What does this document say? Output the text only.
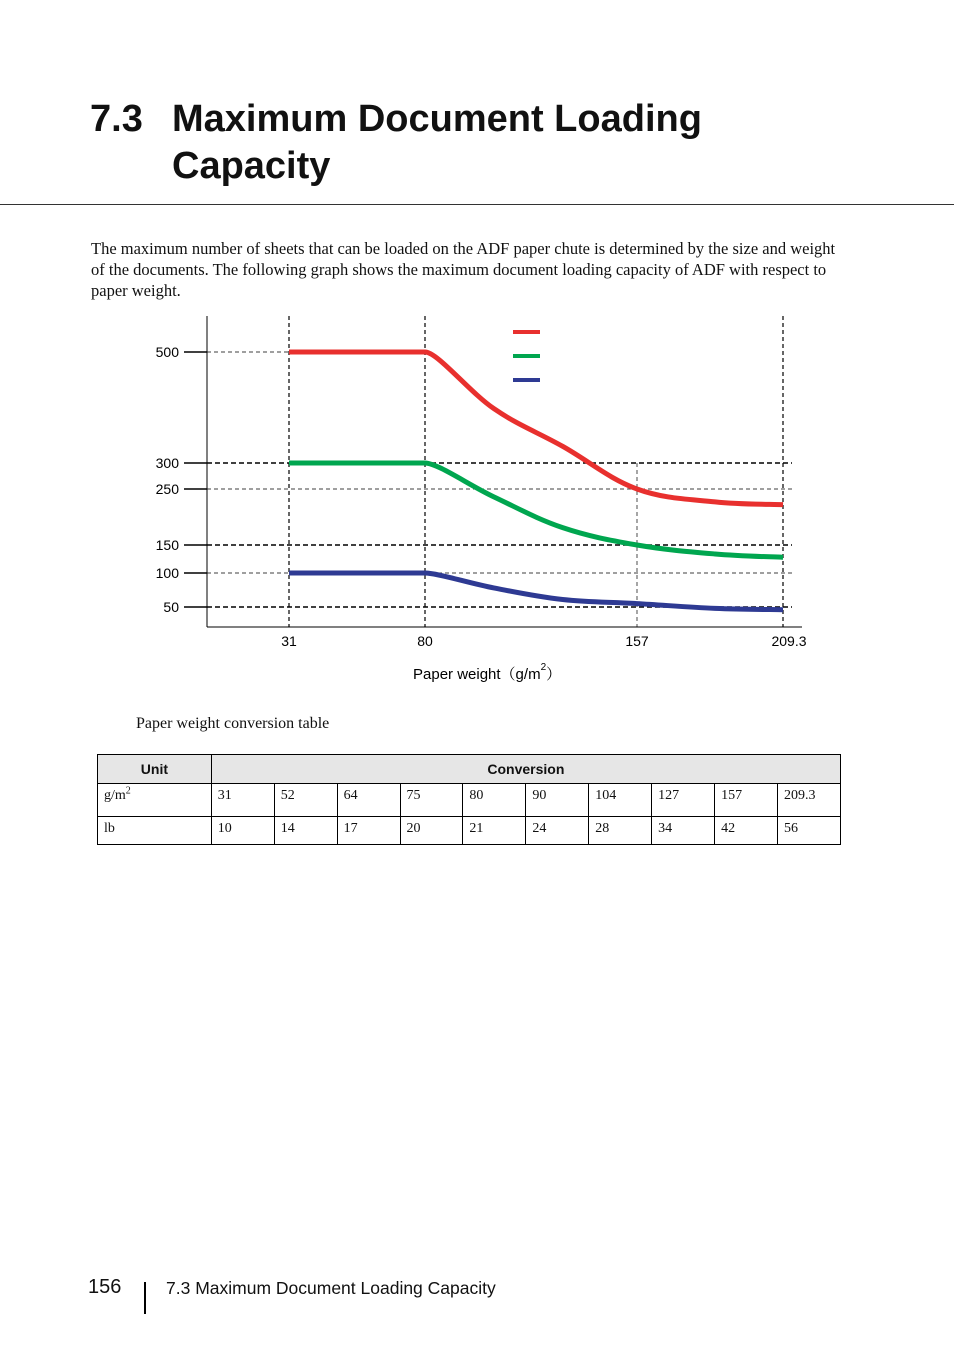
7.3 Maximum Document Loading
Capacity

The maximum number of sheets that can be loaded on the ADF paper chute is determined by the size and weight of the documents. The following graph shows the maximum document loading capacity of ADF with respect to paper weight.

500
300
250
150
100
50
31	80	157	209.3
Paper $weight(g/m^2)$
Paper weight conversion table
Unit	Conversion									
$g/m^2$	31	52	64	75	80	90	104	127	157	209.3
lb	10	14	17	20	21	24	28	34	42	56
156	7.3 Maximum Document Loading Capacity
